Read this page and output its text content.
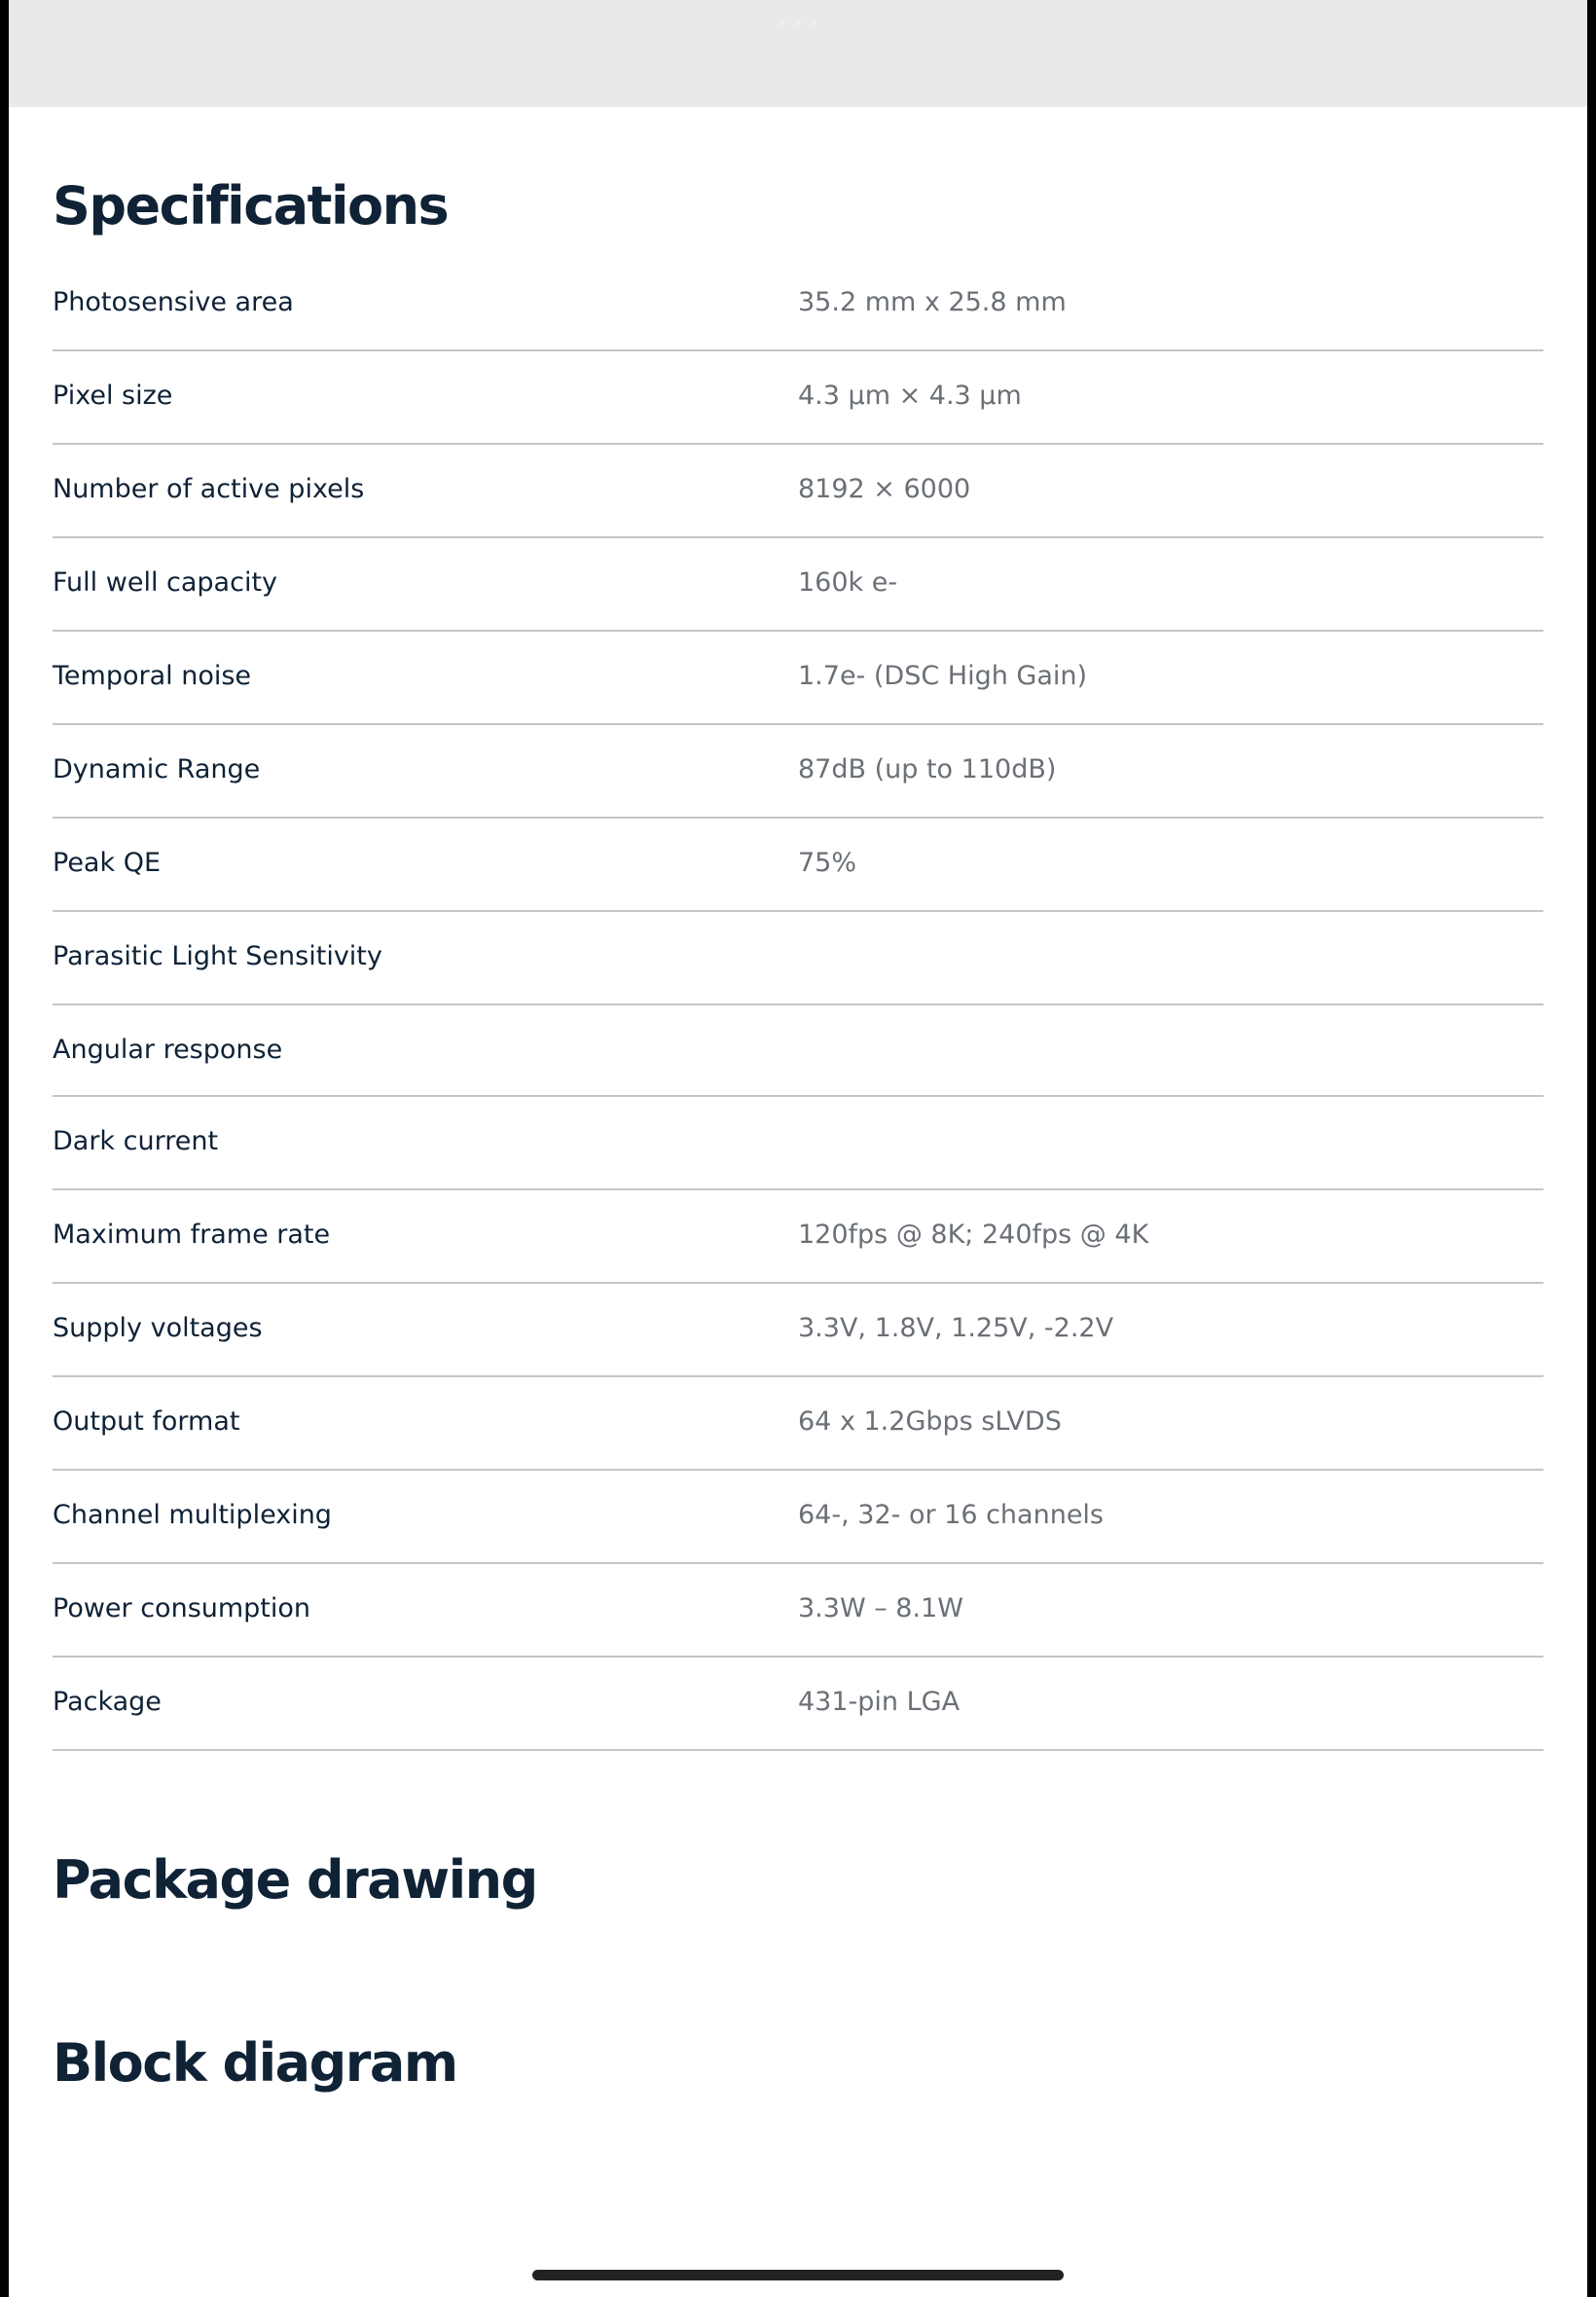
• • •
Specifications
Photosensive area	35.2 mm x 25.8 mm
Pixel size	4.3 µm × 4.3 µm
Number of active pixels	8192 × 6000
Full well capacity	160k e-
Temporal noise	1.7e- (DSC High Gain)
Dynamic Range	87dB (up to 110dB)
Peak QE	75%
Parasitic Light Sensitivity
Angular response
Dark current
Maximum frame rate	120fps @ 8K; 240fps @ 4K
Supply voltages	3.3V, 1.8V, 1.25V, -2.2V
Output format	64 x 1.2Gbps sLVDS
Channel multiplexing	64-, 32- or 16 channels
Power consumption	3.3W – 8.1W
Package	431-pin LGA
Package drawing
Block diagram
